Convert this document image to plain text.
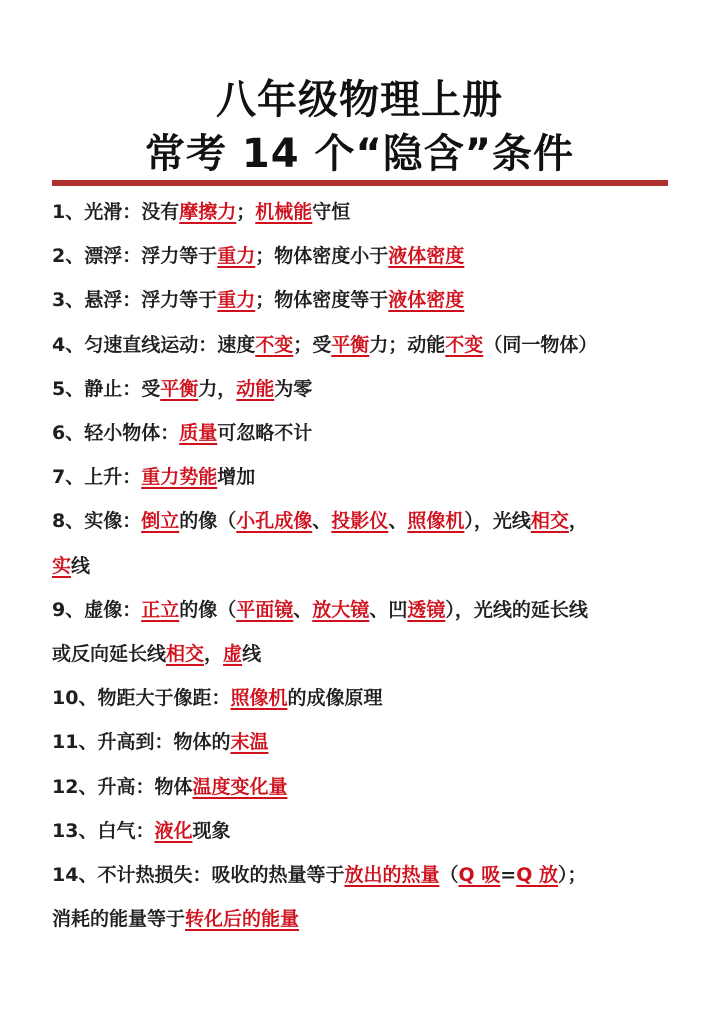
八年级物理上册
常考 14 个“隐含”条件
1、光滑：没有摩擦力；机械能守恒
2、漂浮：浮力等于重力；物体密度小于液体密度
3、悬浮：浮力等于重力；物体密度等于液体密度
4、匀速直线运动：速度不变；受平衡力；动能不变（同一物体）
5、静止：受平衡力，动能为零
6、轻小物体：质量可忽略不计
7、上升：重力势能增加
8、实像：倒立的像（小孔成像、投影仪、照像机），光线相交，
实线
9、虚像：正立的像（平面镜、放大镜、凹透镜），光线的延长线
或反向延长线相交，虚线
10、物距大于像距：照像机的成像原理
11、升高到：物体的末温
12、升高：物体温度变化量
13、白气：液化现象
14、不计热损失：吸收的热量等于放出的热量（Q 吸=Q 放）；
消耗的能量等于转化后的能量
